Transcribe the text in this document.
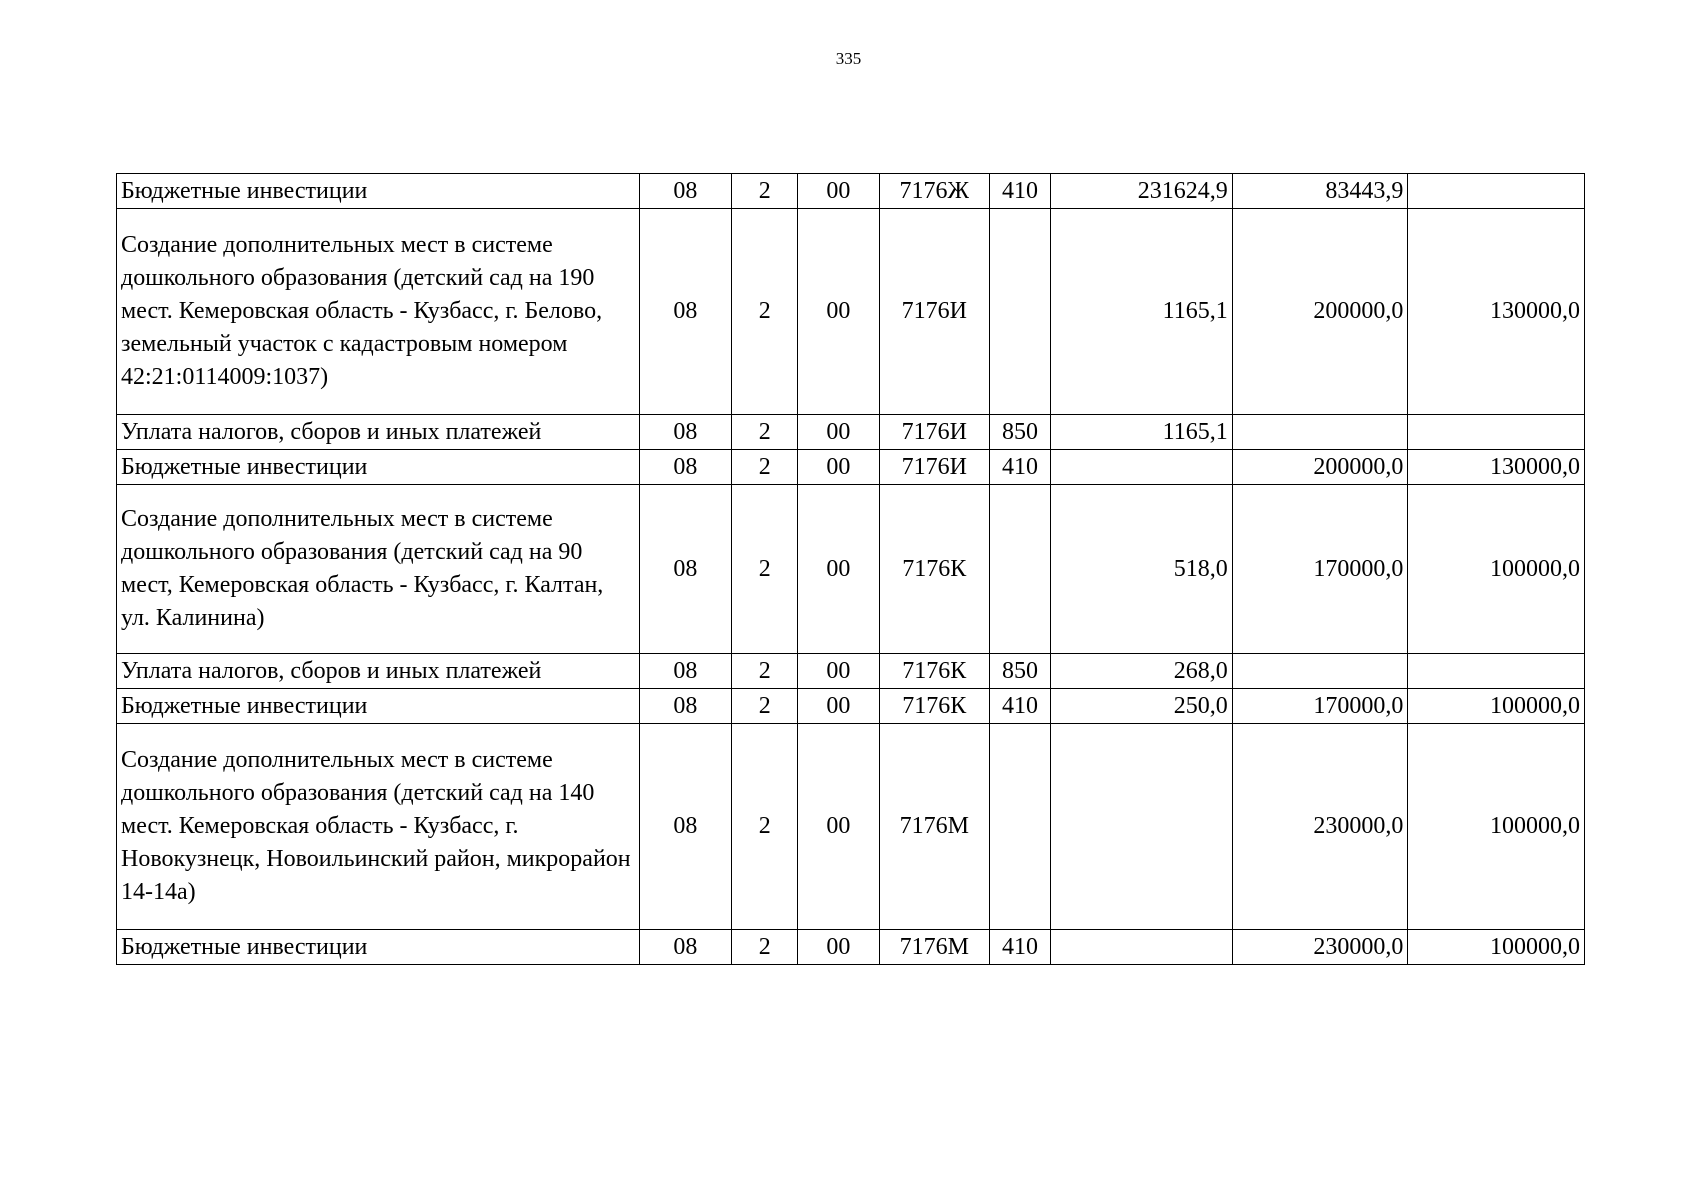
335
Бюджетные инвестиции	08	2	00	7176Ж	410	231624,9	83443,9	
Создание дополнительных мест в системе дошкольного образования (детский сад на 190 мест. Кемеровская область - Кузбасс, г. Белово, земельный участок с кадастровым номером 42:21:0114009:1037)	08	2	00	7176И		1165,1	200000,0	130000,0
Уплата налогов, сборов и иных платежей	08	2	00	7176И	850	1165,1		
Бюджетные инвестиции	08	2	00	7176И	410		200000,0	130000,0
Создание дополнительных мест в системе дошкольного образования (детский сад на 90 мест, Кемеровская область - Кузбасс, г. Калтан, ул. Калинина)	08	2	00	7176К		518,0	170000,0	100000,0
Уплата налогов, сборов и иных платежей	08	2	00	7176К	850	268,0		
Бюджетные инвестиции	08	2	00	7176К	410	250,0	170000,0	100000,0
Создание дополнительных мест в системе дошкольного образования (детский сад на 140 мест. Кемеровская область - Кузбасс, г. Новокузнецк, Новоильинский район, микрорайон 14-14а)	08	2	00	7176М			230000,0	100000,0
Бюджетные инвестиции	08	2	00	7176М	410		230000,0	100000,0
